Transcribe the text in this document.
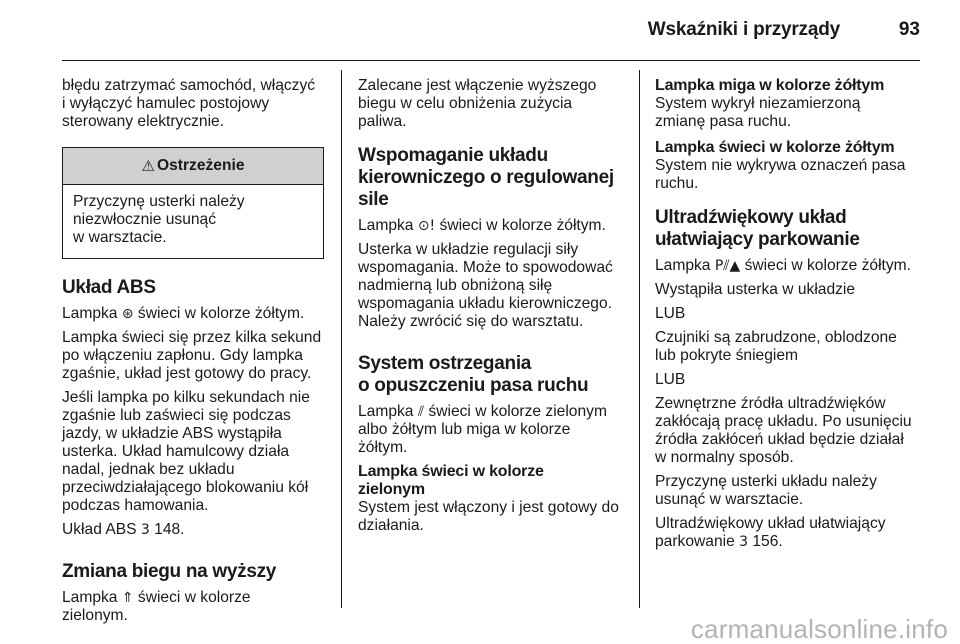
Wskaźniki i przyrządy	93

błędu zatrzymać samochód, włączyć
i wyłączyć hamulec postojowy
sterowany elektrycznie.

⚠ Ostrzeżenie
Przyczynę usterki należy
niezwłocznie usunąć
w warsztacie.
Układ ABS

Lampka ⊛ świeci w kolorze żółtym.

Lampka świeci się przez kilka sekund
po włączeniu zapłonu. Gdy lampka
zgaśnie, układ jest gotowy do pracy.

Jeśli lampka po kilku sekundach nie
zgaśnie lub zaświeci się podczas
jazdy, w układzie ABS wystąpiła
usterka. Układ hamulcowy działa
nadal, jednak bez układu
przeciwdziałającego blokowaniu kół
podczas hamowania.

Układ ABS 3 148.

Zmiana biegu na wyższy

Lampka ⇑ świeci w kolorze
zielonym.

Zalecane jest włączenie wyższego
biegu w celu obniżenia zużycia
paliwa.

Wspomaganie układu
kierowniczego o regulowanej
sile

Lampka ⊙! świeci w kolorze żółtym.

Usterka w układzie regulacji siły
wspomagania. Może to spowodować
nadmierną lub obniżoną siłę
wspomagania układu kierowniczego.
Należy zwrócić się do warsztatu.

System ostrzegania
o opuszczeniu pasa ruchu

Lampka ⫽ świeci w kolorze zielonym
albo żółtym lub miga w kolorze
żółtym.

Lampka świeci w kolorze
zielonym

System jest włączony i jest gotowy do
działania.

Lampka miga w kolorze żółtym

System wykrył niezamierzoną
zmianę pasa ruchu.

Lampka świeci w kolorze żółtym

System nie wykrywa oznaczeń pasa
ruchu.

Ultradźwiękowy układ
ułatwiający parkowanie

Lampka P⫽▲ świeci w kolorze żółtym.

Wystąpiła usterka w układzie

LUB

Czujniki są zabrudzone, oblodzone
lub pokryte śniegiem

LUB

Zewnętrzne źródła ultradźwięków
zakłócają pracę układu. Po usunięciu
źródła zakłóceń układ będzie działał
w normalny sposób.

Przyczynę usterki układu należy
usunąć w warsztacie.

Ultradźwiękowy układ ułatwiający
parkowanie 3 156.

carmanualsonline.info
